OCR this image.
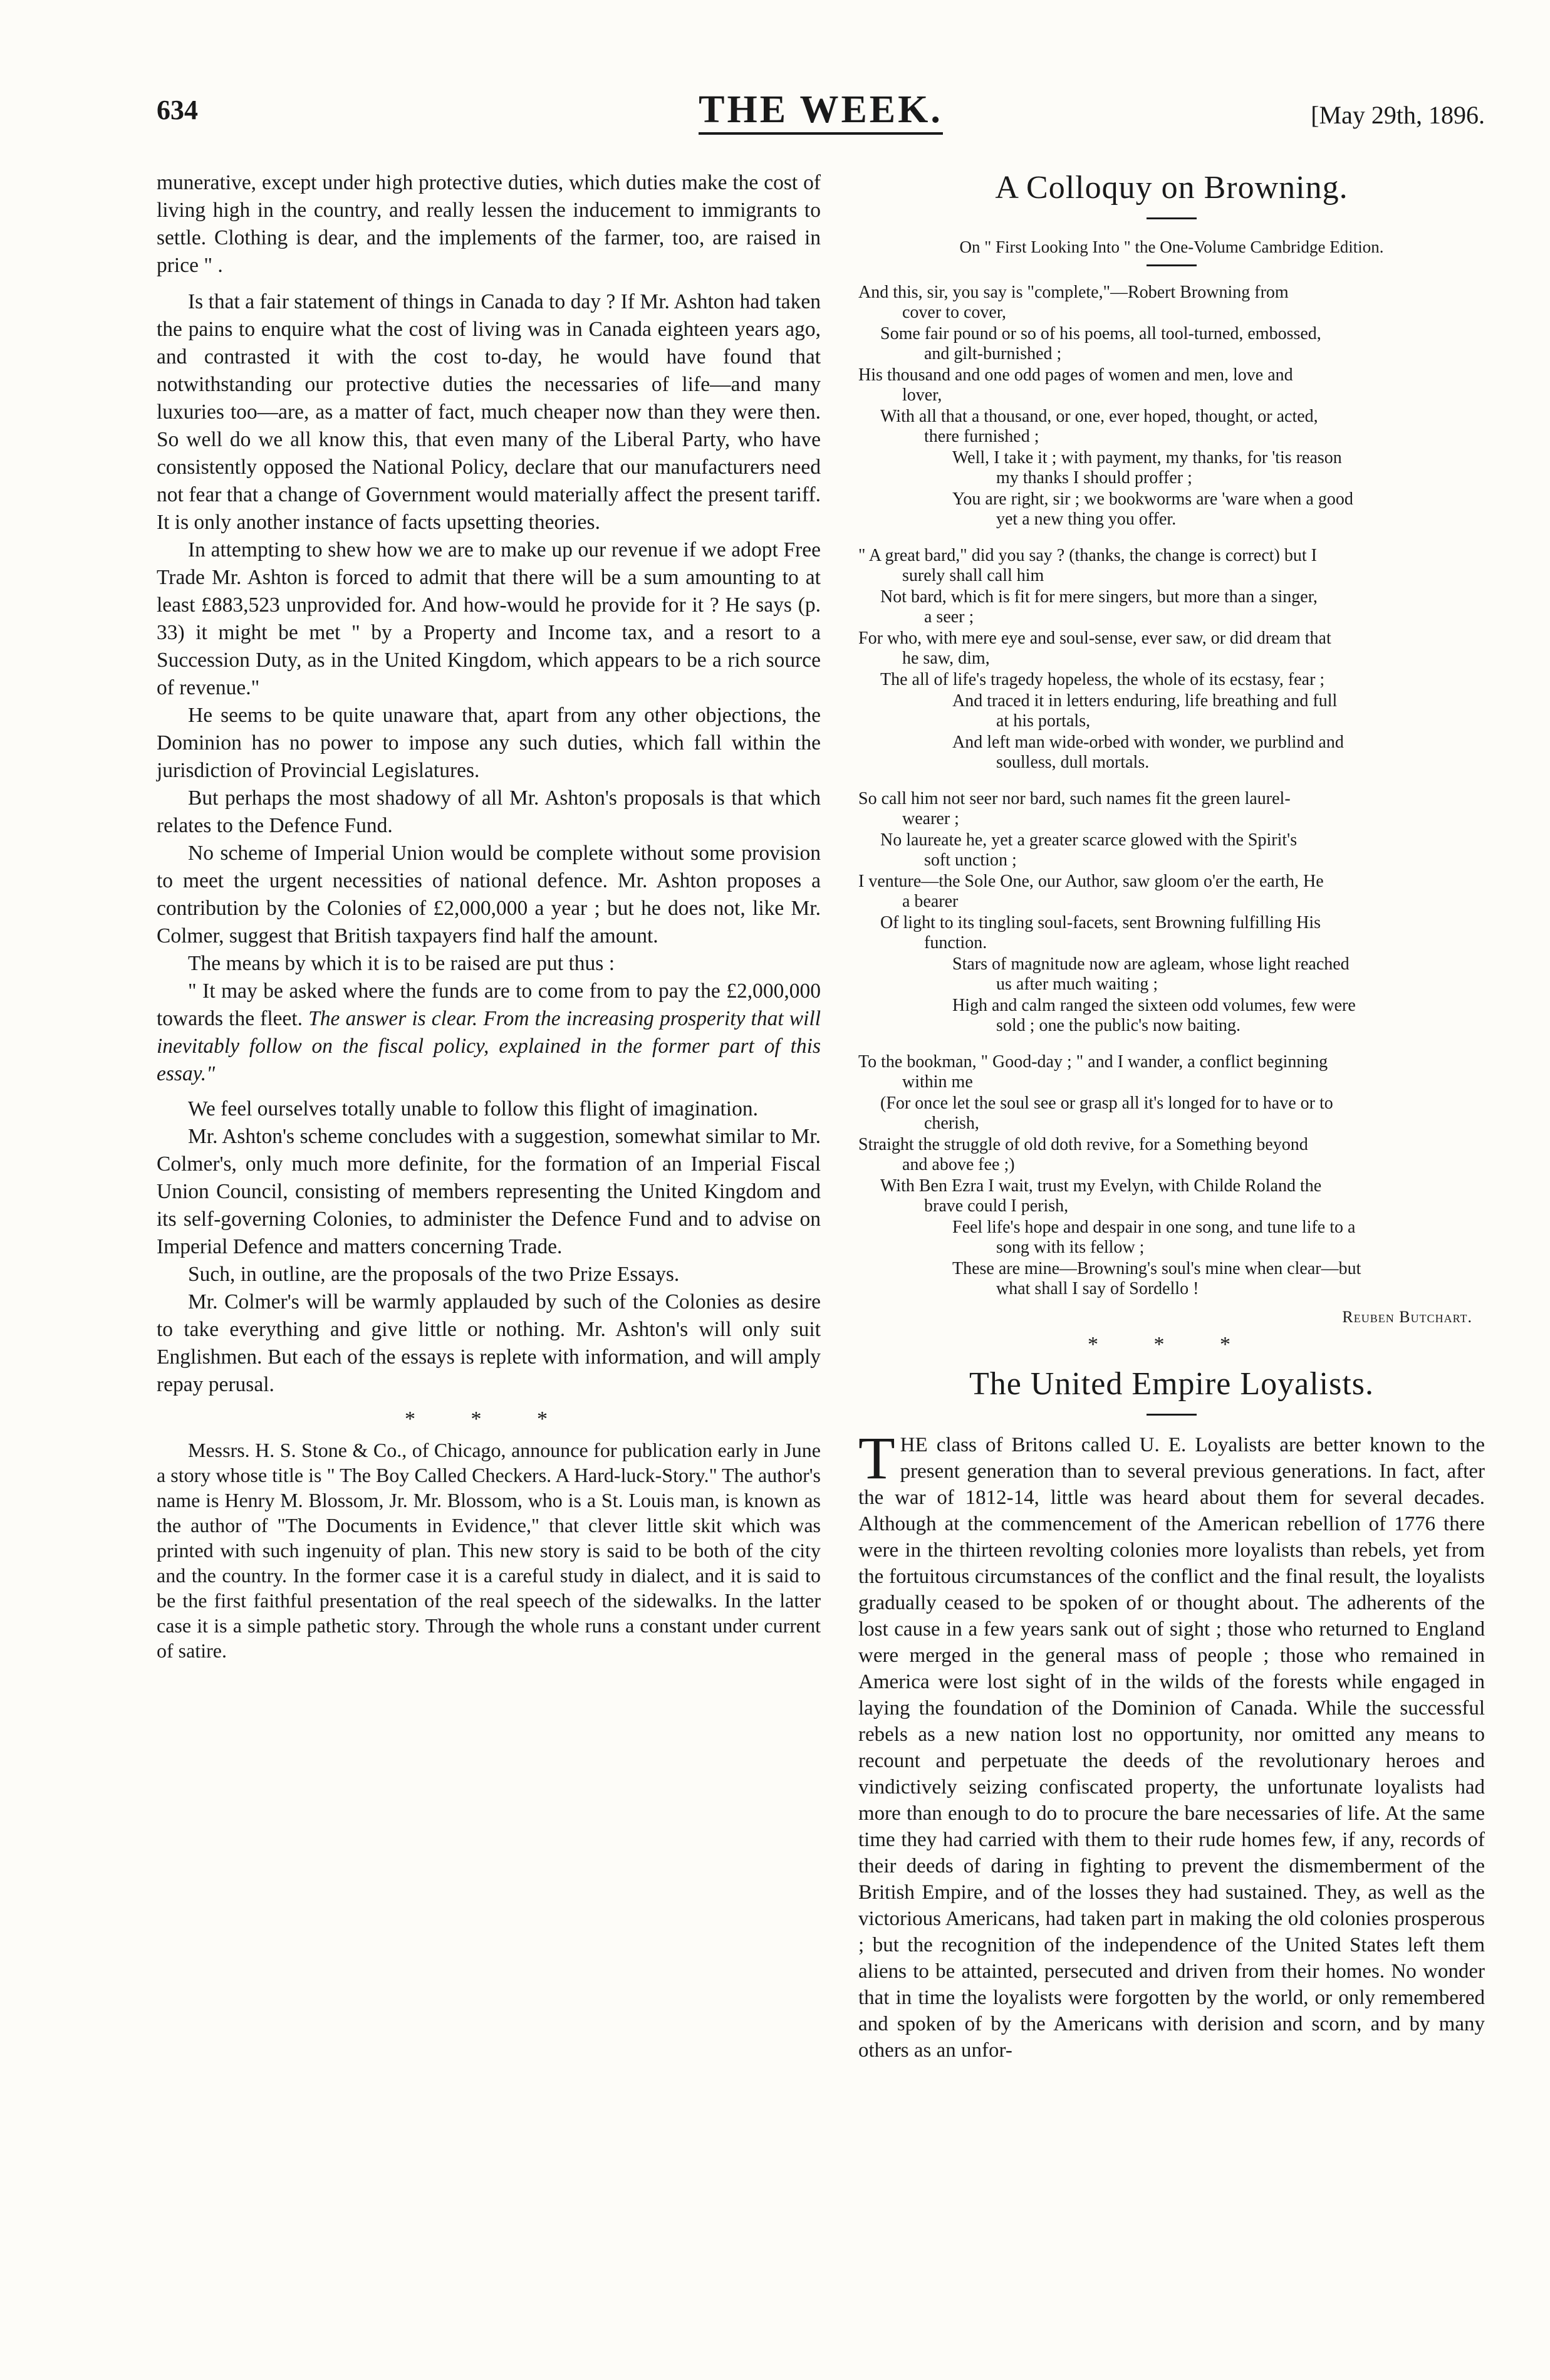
634	THE WEEK.	[May 29th, 1896.

munerative, except under high protective duties, which duties make the cost of living high in the country, and really lessen the inducement to immigrants to settle. Clothing is dear, and the implements of the farmer, too, are raised in price " .

Is that a fair statement of things in Canada to day ? If Mr. Ashton had taken the pains to enquire what the cost of living was in Canada eighteen years ago, and contrasted it with the cost to-day, he would have found that notwithstanding our protective duties the necessaries of life—and many luxuries too—are, as a matter of fact, much cheaper now than they were then. So well do we all know this, that even many of the Liberal Party, who have consistently opposed the National Policy, declare that our manufacturers need not fear that a change of Government would materially affect the present tariff. It is only another instance of facts upsetting theories.

In attempting to shew how we are to make up our revenue if we adopt Free Trade Mr. Ashton is forced to admit that there will be a sum amounting to at least £883,523 unprovided for. And how-would he provide for it ? He says (p. 33) it might be met " by a Property and Income tax, and a resort to a Succession Duty, as in the United Kingdom, which appears to be a rich source of revenue."

He seems to be quite unaware that, apart from any other objections, the Dominion has no power to impose any such duties, which fall within the jurisdiction of Provincial Legislatures.

But perhaps the most shadowy of all Mr. Ashton's proposals is that which relates to the Defence Fund.

No scheme of Imperial Union would be complete without some provision to meet the urgent necessities of national defence. Mr. Ashton proposes a contribution by the Colonies of £2,000,000 a year ; but he does not, like Mr. Colmer, suggest that British taxpayers find half the amount.

The means by which it is to be raised are put thus :

" It may be asked where the funds are to come from to pay the £2,000,000 towards the fleet. The answer is clear. From the increasing prosperity that will inevitably follow on the fiscal policy, explained in the former part of this essay."

We feel ourselves totally unable to follow this flight of imagination.

Mr. Ashton's scheme concludes with a suggestion, somewhat similar to Mr. Colmer's, only much more definite, for the formation of an Imperial Fiscal Union Council, consisting of members representing the United Kingdom and its self-governing Colonies, to administer the Defence Fund and to advise on Imperial Defence and matters concerning Trade.

Such, in outline, are the proposals of the two Prize Essays.

Mr. Colmer's will be warmly applauded by such of the Colonies as desire to take everything and give little or nothing. Mr. Ashton's will only suit Englishmen. But each of the essays is replete with information, and will amply repay perusal.

* * *

Messrs. H. S. Stone & Co., of Chicago, announce for publication early in June a story whose title is " The Boy Called Checkers. A Hard-luck-Story." The author's name is Henry M. Blossom, Jr. Mr. Blossom, who is a St. Louis man, is known as the author of "The Documents in Evidence," that clever little skit which was printed with such ingenuity of plan. This new story is said to be both of the city and the country. In the former case it is a careful study in dialect, and it is said to be the first faithful presentation of the real speech of the sidewalks. In the latter case it is a simple pathetic story. Through the whole runs a constant under current of satire.

A Colloquy on Browning.
On " First Looking Into " the One-Volume Cambridge Edition.
And this, sir, you say is "complete,"—Robert Browning from
cover to cover,
Some fair pound or so of his poems, all tool-turned, embossed,
and gilt-burnished ;
His thousand and one odd pages of women and men, love and
lover,
With all that a thousand, or one, ever hoped, thought, or acted,
there furnished ;
Well, I take it ; with payment, my thanks, for 'tis reason
my thanks I should proffer ;
You are right, sir ; we bookworms are 'ware when a good
yet a new thing you offer.
" A great bard," did you say ? (thanks, the change is correct) but I
surely shall call him
Not bard, which is fit for mere singers, but more than a singer,
a seer ;
For who, with mere eye and soul-sense, ever saw, or did dream that
he saw, dim,
The all of life's tragedy hopeless, the whole of its ecstasy, fear ;
And traced it in letters enduring, life breathing and full
at his portals,
And left man wide-orbed with wonder, we purblind and
soulless, dull mortals.
So call him not seer nor bard, such names fit the green laurel-
wearer ;
No laureate he, yet a greater scarce glowed with the Spirit's
soft unction ;
I venture—the Sole One, our Author, saw gloom o'er the earth, He
a bearer
Of light to its tingling soul-facets, sent Browning fulfilling His
function.
Stars of magnitude now are agleam, whose light reached
us after much waiting ;
High and calm ranged the sixteen odd volumes, few were
sold ; one the public's now baiting.
To the bookman, " Good-day ; " and I wander, a conflict beginning
within me
(For once let the soul see or grasp all it's longed for to have or to
cherish,
Straight the struggle of old doth revive, for a Something beyond
and above fee ;)
With Ben Ezra I wait, trust my Evelyn, with Childe Roland the
brave could I perish,
Feel life's hope and despair in one song, and tune life to a
song with its fellow ;
These are mine—Browning's soul's mine when clear—but
what shall I say of Sordello !
Reuben Butchart.
* * *
The United Empire Loyalists.

THE class of Britons called U. E. Loyalists are better known to the present generation than to several previous generations. In fact, after the war of 1812-14, little was heard about them for several decades. Although at the commencement of the American rebellion of 1776 there were in the thirteen revolting colonies more loyalists than rebels, yet from the fortuitous circumstances of the conflict and the final result, the loyalists gradually ceased to be spoken of or thought about. The adherents of the lost cause in a few years sank out of sight ; those who returned to England were merged in the general mass of people ; those who remained in America were lost sight of in the wilds of the forests while engaged in laying the foundation of the Dominion of Canada. While the successful rebels as a new nation lost no opportunity, nor omitted any means to recount and perpetuate the deeds of the revolutionary heroes and vindictively seizing confiscated property, the unfortunate loyalists had more than enough to do to procure the bare necessaries of life. At the same time they had carried with them to their rude homes few, if any, records of their deeds of daring in fighting to prevent the dismemberment of the British Empire, and of the losses they had sustained. They, as well as the victorious Americans, had taken part in making the old colonies prosperous ; but the recognition of the independence of the United States left them aliens to be attainted, persecuted and driven from their homes. No wonder that in time the loyalists were forgotten by the world, or only remembered and spoken of by the Americans with derision and scorn, and by many others as an unfor-
